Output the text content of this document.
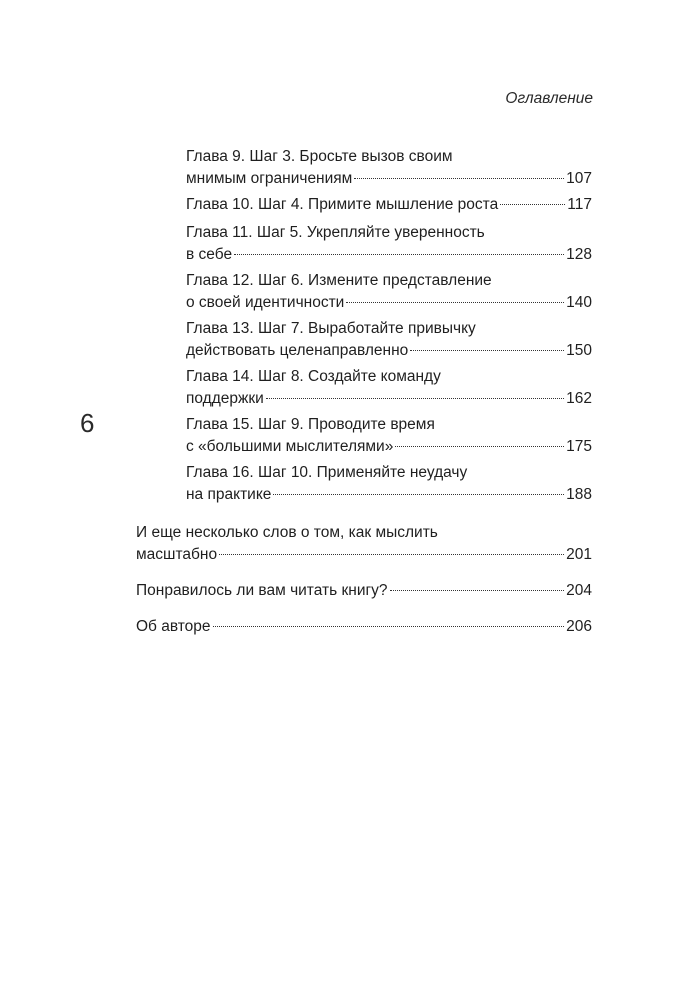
Оглавление
6
Глава 9. Шаг 3. Бросьте вызов своим
мнимым ограничениям	107
Глава 10. Шаг 4. Примите мышление роста	117
Глава 11. Шаг 5. Укрепляйте уверенность
в себе	128
Глава 12. Шаг 6. Измените представление
о своей идентичности	140
Глава 13. Шаг 7. Выработайте привычку
действовать целенаправленно	150
Глава 14. Шаг 8. Создайте команду
поддержки	162
Глава 15. Шаг 9. Проводите время
с «большими мыслителями»	175
Глава 16. Шаг 10. Применяйте неудачу
на практике	188
И еще несколько слов о том, как мыслить
масштабно	201
Понравилось ли вам читать книгу?	204
Об авторе	206
